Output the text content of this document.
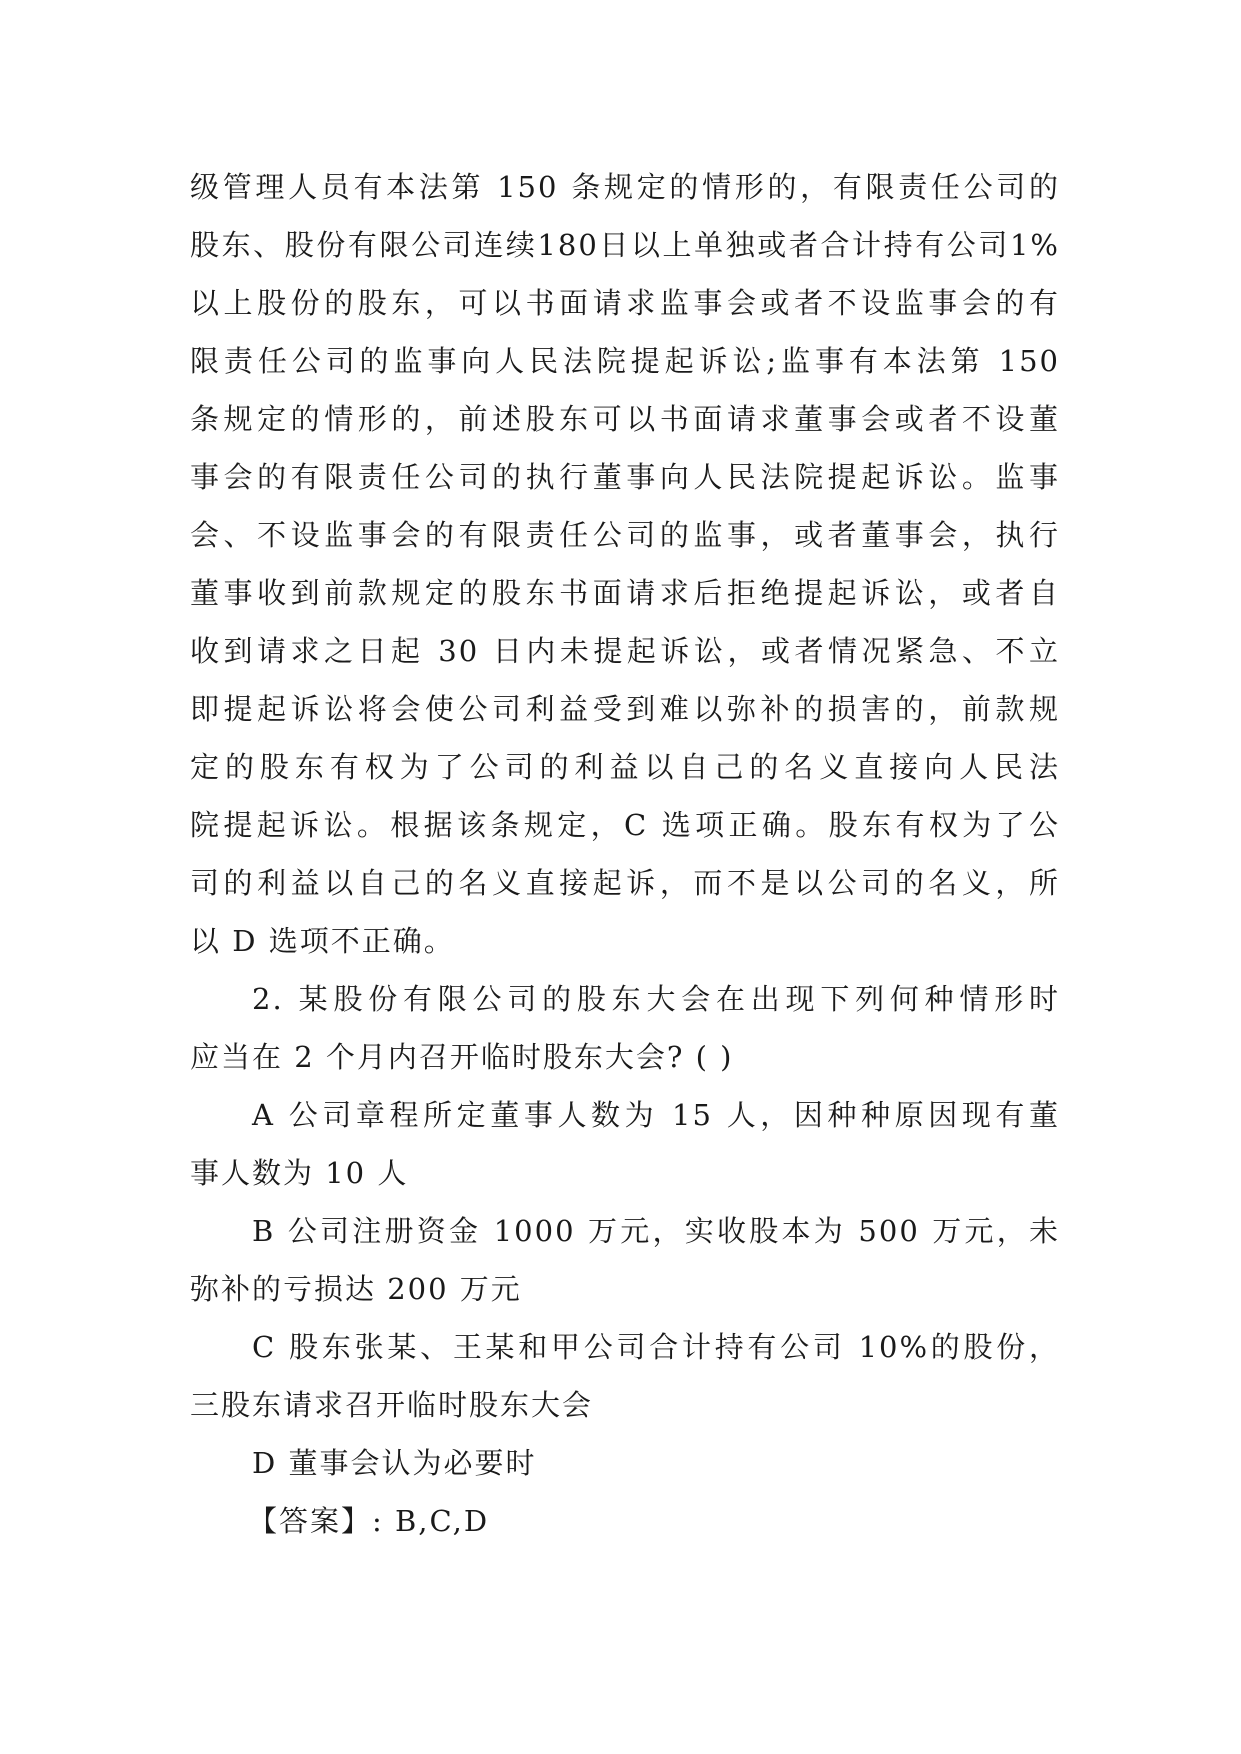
级管理人员有本法第 150 条规定的情形的，有限责任公司的
股东、股份有限公司连续180日以上单独或者合计持有公司1%
以上股份的股东，可以书面请求监事会或者不设监事会的有
限责任公司的监事向人民法院提起诉讼;监事有本法第 150
条规定的情形的，前述股东可以书面请求董事会或者不设董
事会的有限责任公司的执行董事向人民法院提起诉讼。监事
会、不设监事会的有限责任公司的监事，或者董事会，执行
董事收到前款规定的股东书面请求后拒绝提起诉讼，或者自
收到请求之日起 30 日内未提起诉讼，或者情况紧急、不立
即提起诉讼将会使公司利益受到难以弥补的损害的，前款规
定的股东有权为了公司的利益以自己的名义直接向人民法
院提起诉讼。根据该条规定，C 选项正确。股东有权为了公
司的利益以自己的名义直接起诉，而不是以公司的名义，所
以 D 选项不正确。
2. 某股份有限公司的股东大会在出现下列何种情形时
应当在 2 个月内召开临时股东大会? ( )
A 公司章程所定董事人数为 15 人，因种种原因现有董
事人数为 10 人
B 公司注册资金 1000 万元，实收股本为 500 万元，未
弥补的亏损达 200 万元
C 股东张某、王某和甲公司合计持有公司 10%的股份，
三股东请求召开临时股东大会
D 董事会认为必要时
【答案】: B,C,D
